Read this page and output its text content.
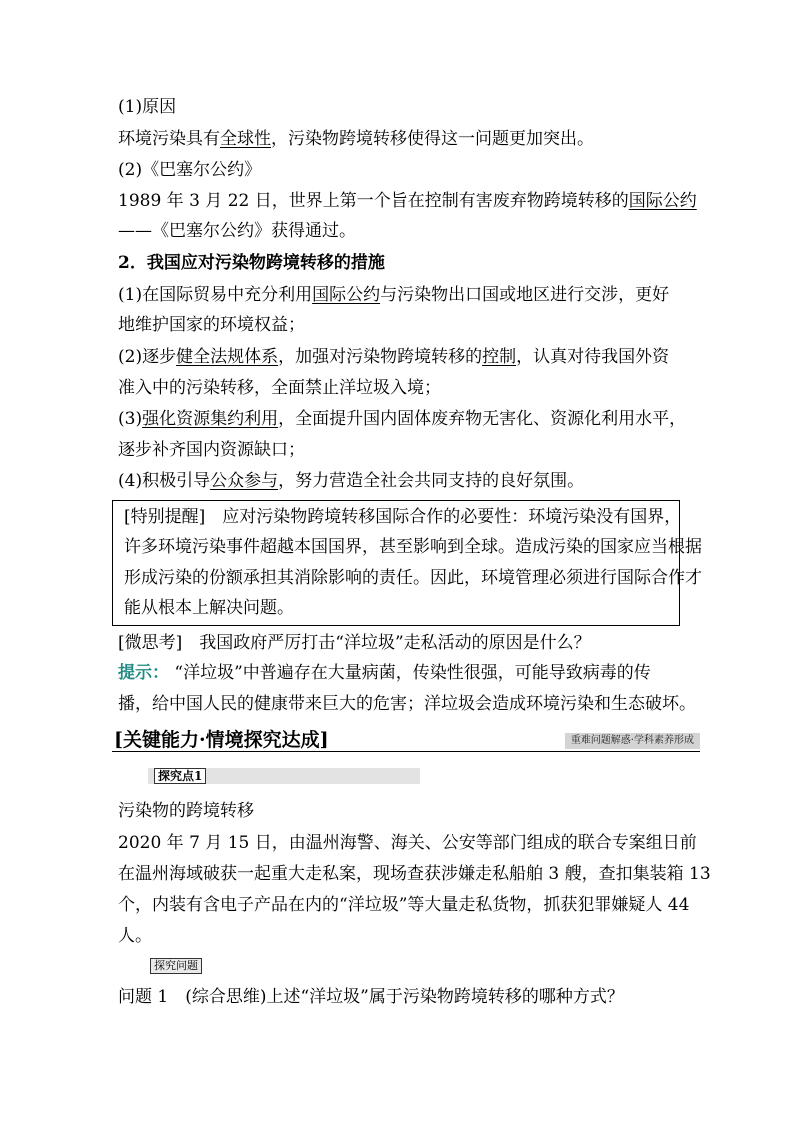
(1)原因
环境污染具有全球性，污染物跨境转移使得这一问题更加突出。
(2)《巴塞尔公约》
1989 年 3 月 22 日，世界上第一个旨在控制有害废弃物跨境转移的国际公约
——《巴塞尔公约》获得通过。
2．我国应对污染物跨境转移的措施
(1)在国际贸易中充分利用国际公约与污染物出口国或地区进行交涉，更好
地维护国家的环境权益；
(2)逐步健全法规体系，加强对污染物跨境转移的控制，认真对待我国外资
准入中的污染转移，全面禁止洋垃圾入境；
(3)强化资源集约利用，全面提升国内固体废弃物无害化、资源化利用水平，
逐步补齐国内资源缺口；
(4)积极引导公众参与，努力营造全社会共同支持的良好氛围。
[特别提醒]　应对污染物跨境转移国际合作的必要性：环境污染没有国界，
许多环境污染事件超越本国国界，甚至影响到全球。造成污染的国家应当根据
形成污染的份额承担其消除影响的责任。因此，环境管理必须进行国际合作才
能从根本上解决问题。
[微思考]　我国政府严厉打击“洋垃圾”走私活动的原因是什么？
提示： “洋垃圾”中普遍存在大量病菌，传染性很强，可能导致病毒的传
播，给中国人民的健康带来巨大的危害；洋垃圾会造成环境污染和生态破坏。
[关键能力·情境探究达成]	重难问题解惑·学科素养形成
探究点1
污染物的跨境转移
2020 年 7 月 15 日，由温州海警、海关、公安等部门组成的联合专案组日前
在温州海域破获一起重大走私案，现场查获涉嫌走私船舶 3 艘，查扣集装箱 13
个，内装有含电子产品在内的“洋垃圾”等大量走私货物，抓获犯罪嫌疑人 44
人。
探究问题
问题 1　(综合思维)上述“洋垃圾”属于污染物跨境转移的哪种方式？
